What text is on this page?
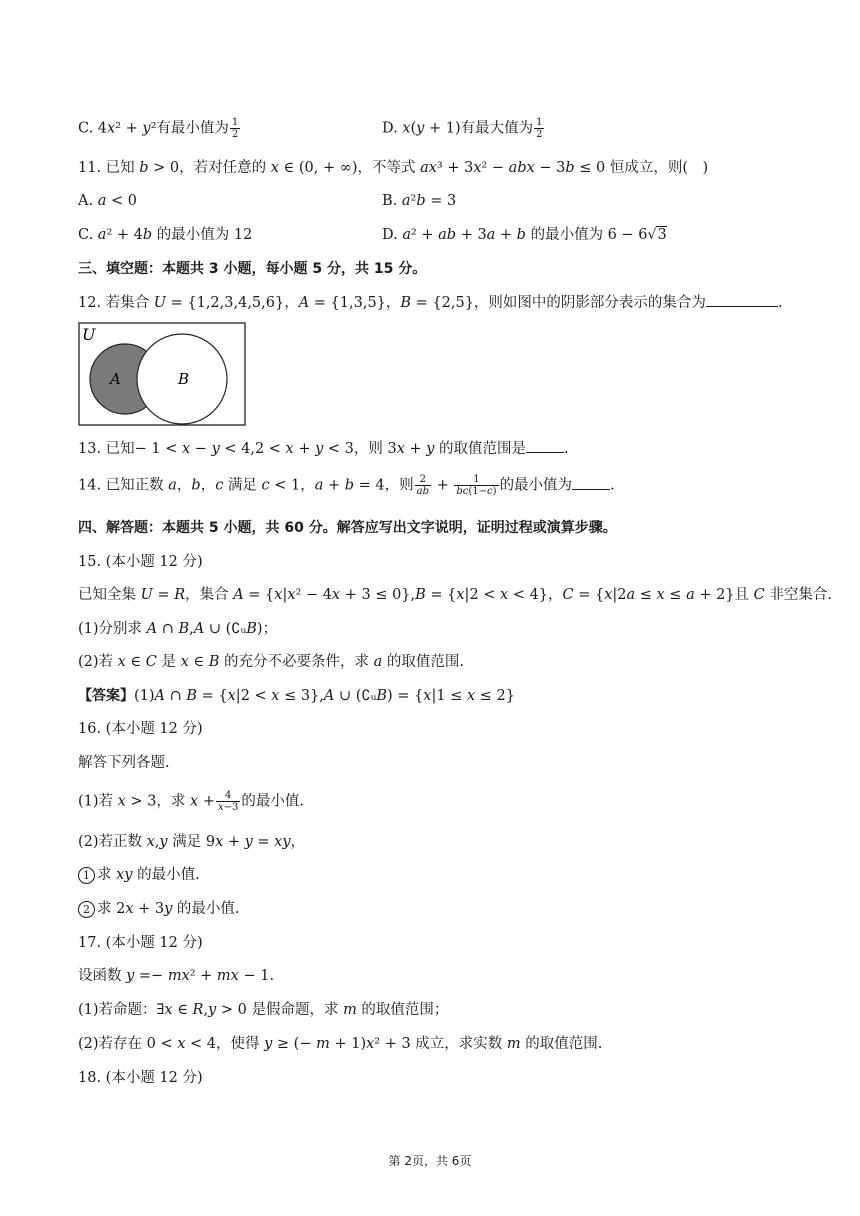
C. 4𝑥² + 𝑦²有最小值为 $\frac{1}{2}$	D. 𝑥(𝑦 + 1)有最大值为 $\frac{1}{2}$
11. 已知 𝑏 > 0，若对任意的 𝑥 ∈ (0, + ∞)，不等式 𝑎𝑥³ + 3𝑥² − 𝑎𝑏𝑥 − 3𝑏 ≤ 0 恒成立，则(　)
A. 𝑎 < 0	B. 𝑎²𝑏 = 3
C. 𝑎² + 4𝑏 的最小值为 12	D. 𝑎² + 𝑎𝑏 + 3𝑎 + 𝑏 的最小值为 6 − 6√3
三、填空题：本题共 3 小题，每小题 5 分，共 15 分。
12. 若集合 𝑈 = {1,2,3,4,5,6}，𝐴 = {1,3,5}，𝐵 = {2,5}，则如图中的阴影部分表示的集合为	.
U
A	B
13. 已知− 1 < 𝑥 − 𝑦 < 4,2 < 𝑥 + 𝑦 < 3，则 3𝑥 + 𝑦 的取值范围是	.
14. 已知正数 𝑎，𝑏，𝑐 满足 𝑐 < 1，𝑎 + 𝑏 = 4，则 $\frac{2}{\text{𝑎𝑏}} + \frac{1}{\text{𝑏𝑐(1−𝑐)}}$ 的最小值为	.
四、解答题：本题共 5 小题，共 60 分。解答应写出文字说明，证明过程或演算步骤。
15. (本小题 12 分)
已知全集 𝑈 = 𝑅，集合 𝐴 = {𝑥|𝑥² − 4𝑥 + 3 ≤ 0},𝐵 = {𝑥|2 < 𝑥 < 4}，𝐶 = {𝑥|2𝑎 ≤ 𝑥 ≤ 𝑎 + 2}且 𝐶 非空集合.
(1)分别求 𝐴 ∩ 𝐵,𝐴 ∪ (∁ᵤ𝐵)；
(2)若 𝑥 ∈ 𝐶 是 𝑥 ∈ 𝐵 的充分不必要条件，求 𝑎 的取值范围.
【答案】(1)𝐴 ∩ 𝐵 = {𝑥|2 < 𝑥 ≤ 3},𝐴 ∪ (∁ᵤ𝐵) = {𝑥|1 ≤ 𝑥 ≤ 2}
16. (本小题 12 分)
解答下列各题.
(1)若 𝑥 > 3，求 𝑥 + $\frac{4}{\text{𝑥−3}}$ 的最小值.
(2)若正数 𝑥,𝑦 满足 9𝑥 + 𝑦 = 𝑥𝑦，
1 求 𝑥𝑦 的最小值.
2 求 2𝑥 + 3𝑦 的最小值.
17. (本小题 12 分)
设函数 𝑦 =− 𝑚𝑥² + 𝑚𝑥 − 1.
(1)若命题：∃𝑥 ∈ 𝑅,𝑦 > 0 是假命题，求 𝑚 的取值范围；
(2)若存在 0 < 𝑥 < 4，使得 𝑦 ≥ (− 𝑚 + 1)𝑥² + 3 成立，求实数 𝑚 的取值范围.
18. (本小题 12 分)
第 2页，共 6页
